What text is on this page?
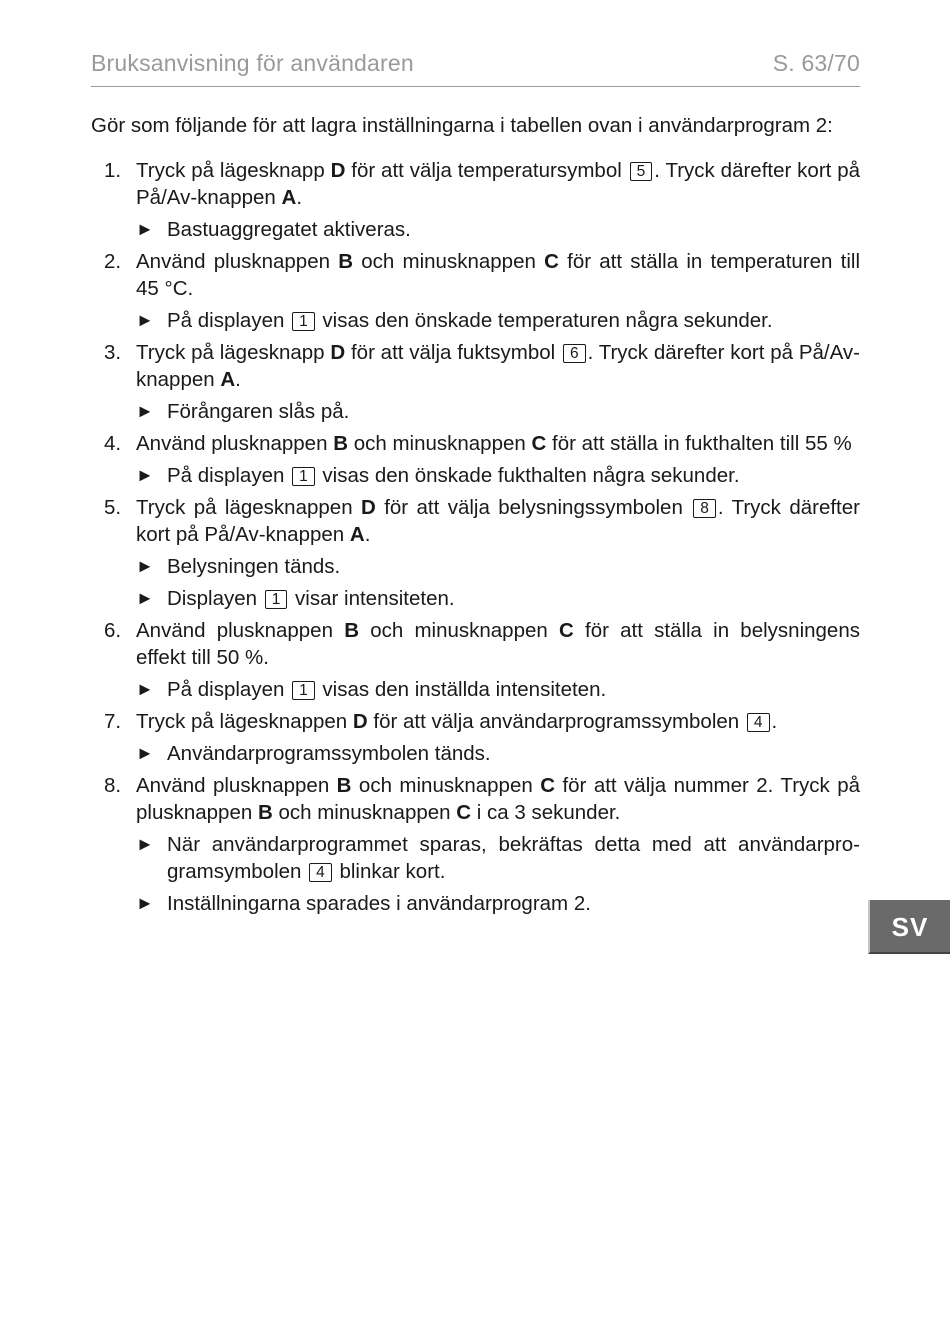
Bruksanvisning för användaren	S. 63/70
Gör som följande för att lagra inställningarna i tabellen ovan i användarprogram 2:
1. Tryck på lägesknapp D för att välja temperatursymbol 5 . Tryck därefter kort på På/Av-knappen A.
► Bastuaggregatet aktiveras.
2. Använd plusknappen B och minusknappen C för att ställa in temperaturen till 45 °C.
► På displayen 1 visas den önskade temperaturen några sekunder.
3. Tryck på lägesknapp D för att välja fuktsymbol 6 . Tryck därefter kort på På/Av-knappen A.
► Förångaren slås på.
4. Använd plusknappen B och minusknappen C för att ställa in fukthalten till 55 %
► På displayen 1 visas den önskade fukthalten några sekunder.
5. Tryck på lägesknappen D för att välja belysningssymbolen 8 . Tryck därefter kort på På/Av-knappen A.
► Belysningen tänds.
► Displayen 1 visar intensiteten.
6. Använd plusknappen B och minusknappen C för att ställa in belysningens effekt till 50 %.
► På displayen 1 visas den inställda intensiteten.
7. Tryck på lägesknappen D för att välja användarprogramssymbolen 4 .
► Användarprogramssymbolen tänds.
8. Använd plusknappen B och minusknappen C för att välja nummer 2. Tryck på plusknappen B och minusknappen C i ca 3 sekunder.
► När användarprogrammet sparas, bekräftas detta med att användarpro-gramsymbolen 4 blinkar kort.
► Inställningarna sparades i användarprogram 2.
SV
